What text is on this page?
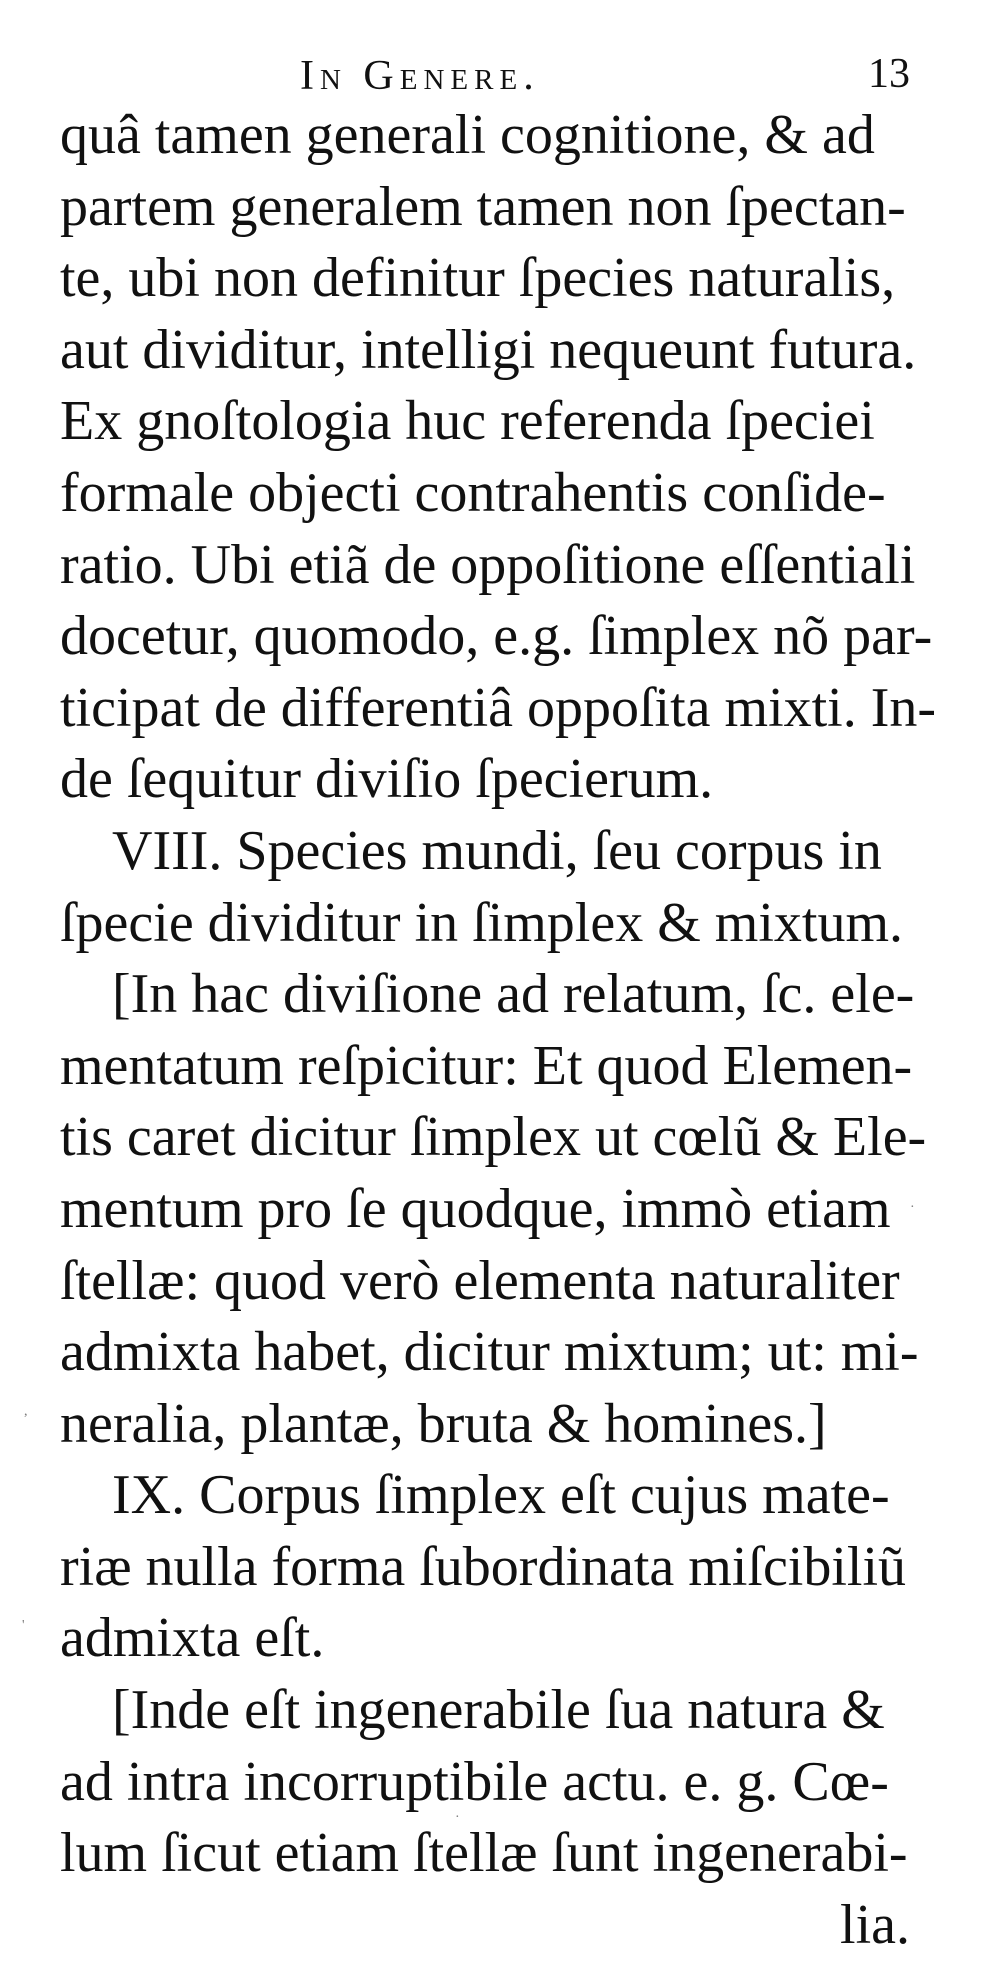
In Genere.	13
quâ tamen generali cognitione, & ad
partem generalem tamen non ſpectan-
te, ubi non definitur ſpecies naturalis,
aut dividitur, intelligi nequeunt futura.
Ex gnoſtologia huc referenda ſpeciei
formale objecti contrahentis conſide-
ratio. Ubi etiã de oppoſitione eſſentiali
docetur, quomodo, e.g. ſimplex nõ par-
ticipat de differentiâ oppoſita mixti. In-
de ſequitur diviſio ſpecierum.
VIII. Species mundi, ſeu corpus in
ſpecie dividitur in ſimplex & mixtum.
[In hac diviſione ad relatum, ſc. ele-
mentatum reſpicitur: Et quod Elemen-
tis caret dicitur ſimplex ut cœlũ & Ele-
mentum pro ſe quodque, immò etiam
ſtellæ: quod verò elementa naturaliter
admixta habet, dicitur mixtum; ut: mi-
neralia, plantæ, bruta & homines.]
IX. Corpus ſimplex eſt cujus mate-
riæ nulla forma ſubordinata miſcibiliũ
admixta eſt.
[Inde eſt ingenerabile ſua natura &
ad intra incorruptibile actu. e. g. Cœ-
lum ſicut etiam ſtellæ ſunt ingenerabi-
lia.
,
'
·
·
